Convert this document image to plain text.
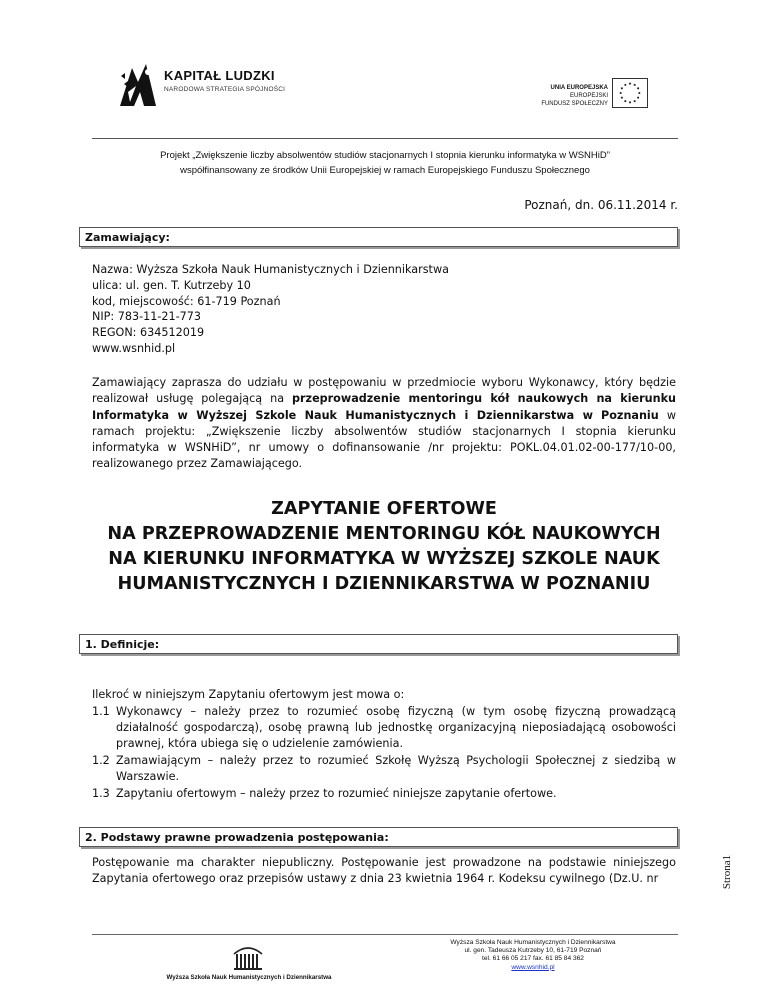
KAPITAŁ LUDZKI
NARODOWA STRATEGIA SPÓJNOŚCI	UNIA EUROPEJSKA
EUROPEJSKI
FUNDUSZ SPOŁECZNY
Projekt „Zwiększenie liczby absolwentów studiów stacjonarnych I stopnia kierunku informatyka w WSNHiD”
współfinansowany ze środków Unii Europejskiej w ramach Europejskiego Funduszu Społecznego
Poznań, dn. 06.11.2014 r.
Zamawiający:
Nazwa: Wyższa Szkoła Nauk Humanistycznych i Dziennikarstwa
ulica: ul. gen. T. Kutrzeby 10
kod, miejscowość: 61-719 Poznań
NIP: 783-11-21-773
REGON: 634512019
www.wsnhid.pl
Zamawiający zaprasza do udziału w postępowaniu w przedmiocie wyboru Wykonawcy, który będzie realizował usługę polegającą na przeprowadzenie mentoringu kół naukowych na kierunku Informatyka w Wyższej Szkole Nauk Humanistycznych i Dziennikarstwa w Poznaniu w ramach projektu: „Zwiększenie liczby absolwentów studiów stacjonarnych I stopnia kierunku informatyka w WSNHiD”, nr umowy o dofinansowanie /nr projektu: POKL.04.01.02-00-177/10-00, realizowanego przez Zamawiającego.
ZAPYTANIE OFERTOWE
NA PRZEPROWADZENIE MENTORINGU KÓŁ NAUKOWYCH
NA KIERUNKU INFORMATYKA W WYŻSZEJ SZKOLE NAUK
HUMANISTYCZNYCH I DZIENNIKARSTWA W POZNANIU
1. Definicje:
Ilekroć w niniejszym Zapytaniu ofertowym jest mowa o:
1.1 Wykonawcy – należy przez to rozumieć osobę fizyczną (w tym osobę fizyczną prowadzącą działalność gospodarczą), osobę prawną lub jednostkę organizacyjną nieposiadającą osobowości prawnej, która ubiega się o udzielenie zamówienia.
1.2 Zamawiającym – należy przez to rozumieć Szkołę Wyższą Psychologii Społecznej z siedzibą w Warszawie.
1.3 Zapytaniu ofertowym – należy przez to rozumieć niniejsze zapytanie ofertowe.
2. Podstawy prawne prowadzenia postępowania:
Postępowanie ma charakter niepubliczny. Postępowanie jest prowadzone na podstawie niniejszego Zapytania ofertowego oraz przepisów ustawy z dnia 23 kwietnia 1964 r. Kodeksu cywilnego (Dz.U. nr	Strona1
Wyższa Szkoła Nauk Humanistycznych i Dziennikarstwa
Wyższa Szkoła Nauk Humanistycznych i Dziennikarstwa
ul. gen. Tadeusza Kutrzeby 10, 61-719 Poznań
tel. 61 66 05 217 fax. 61 85 84 362
www.wsnhid.pl
